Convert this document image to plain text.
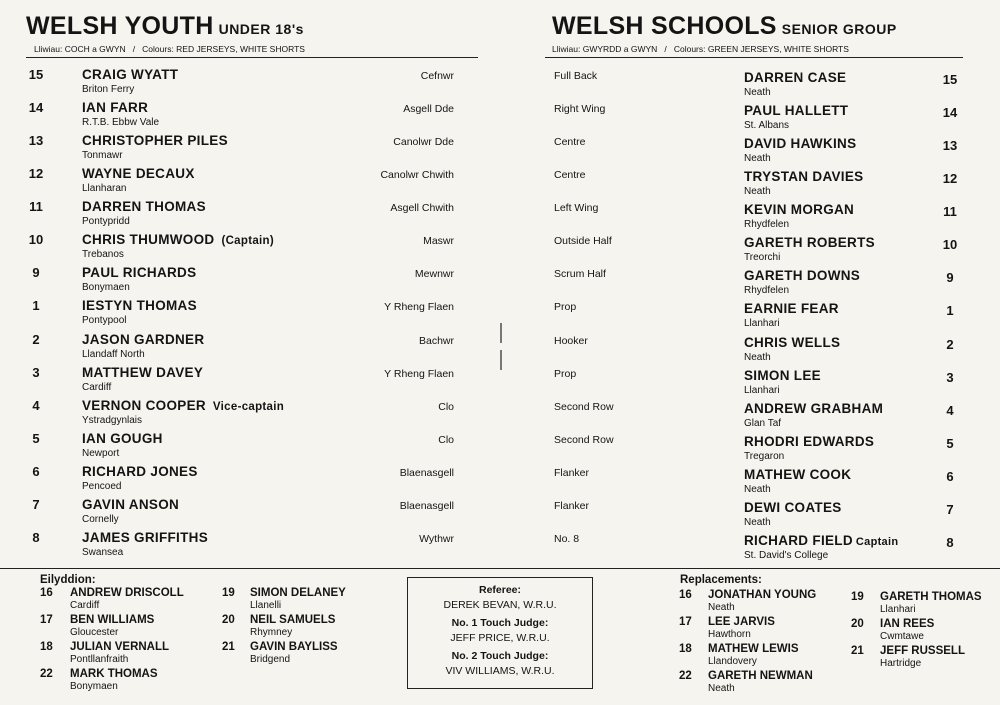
WELSH YOUTH UNDER 18's
Lliwiau: COCH a GWYN   /   Colours: RED JERSEYS, WHITE SHORTS
WELSH SCHOOLS SENIOR GROUP
Lliwiau: GWYRDD a GWYN   /   Colours: GREEN JERSEYS, WHITE SHORTS
15	CRAIG WYATT
Briton Ferry
Cefnwr
14	IAN FARR
R.T.B. Ebbw Vale
Asgell Dde
13	CHRISTOPHER PILES
Tonmawr
Canolwr Dde
12	WAYNE DECAUX
Llanharan
Canolwr Chwith
11	DARREN THOMAS
Pontypridd
Asgell Chwith
10	CHRIS THUMWOOD (Captain)
Trebanos
Maswr
9	PAUL RICHARDS
Bonymaen
Mewnwr
1	IESTYN THOMAS
Pontypool
Y Rheng Flaen
2	JASON GARDNER
Llandaff North
Bachwr
3	MATTHEW DAVEY
Cardiff
Y Rheng Flaen
4	VERNON COOPER Vice-captain
Ystradgynlais
Clo
5	IAN GOUGH
Newport
Clo
6	RICHARD JONES
Pencoed
Blaenasgell
7	GAVIN ANSON
Cornelly
Blaenasgell
8	JAMES GRIFFITHS
Swansea
Wythwr
Full Back	DARREN CASE
Neath
15
Right Wing	PAUL HALLETT
St. Albans
14
Centre	DAVID HAWKINS
Neath
13
Centre	TRYSTAN DAVIES
Neath
12
Left Wing	KEVIN MORGAN
Rhydfelen
11
Outside Half	GARETH ROBERTS
Treorchi
10
Scrum Half	GARETH DOWNS
Rhydfelen
9
Prop	EARNIE FEAR
Llanhari
1
Hooker	CHRIS WELLS
Neath
2
Prop	SIMON LEE
Llanhari
3
Second Row	ANDREW GRABHAM
Glan Taf
4
Second Row	RHODRI EDWARDS
Tregaron
5
Flanker	MATHEW COOK
Neath
6
Flanker	DEWI COATES
Neath
7
No. 8	RICHARD FIELD Captain
St. David's College
8
Eilyddion:
16 ANDREW DRISCOLL
Cardiff
17 BEN WILLIAMS
Gloucester
18 JULIAN VERNALL
Pontllanfraith
22 MARK THOMAS
Bonymaen
19 SIMON DELANEY
Llanelli
20 NEIL SAMUELS
Rhymney
21 GAVIN BAYLISS
Bridgend
Referee:
DEREK BEVAN, W.R.U.
No. 1 Touch Judge:
JEFF PRICE, W.R.U.
No. 2 Touch Judge:
VIV WILLIAMS, W.R.U.
Replacements:
16 JONATHAN YOUNG
Neath
17 LEE JARVIS
Hawthorn
18 MATHEW LEWIS
Llandovery
22 GARETH NEWMAN
Neath
19 GARETH THOMAS
Llanhari
20 IAN REES
Cwmtawe
21 JEFF RUSSELL
Hartridge
